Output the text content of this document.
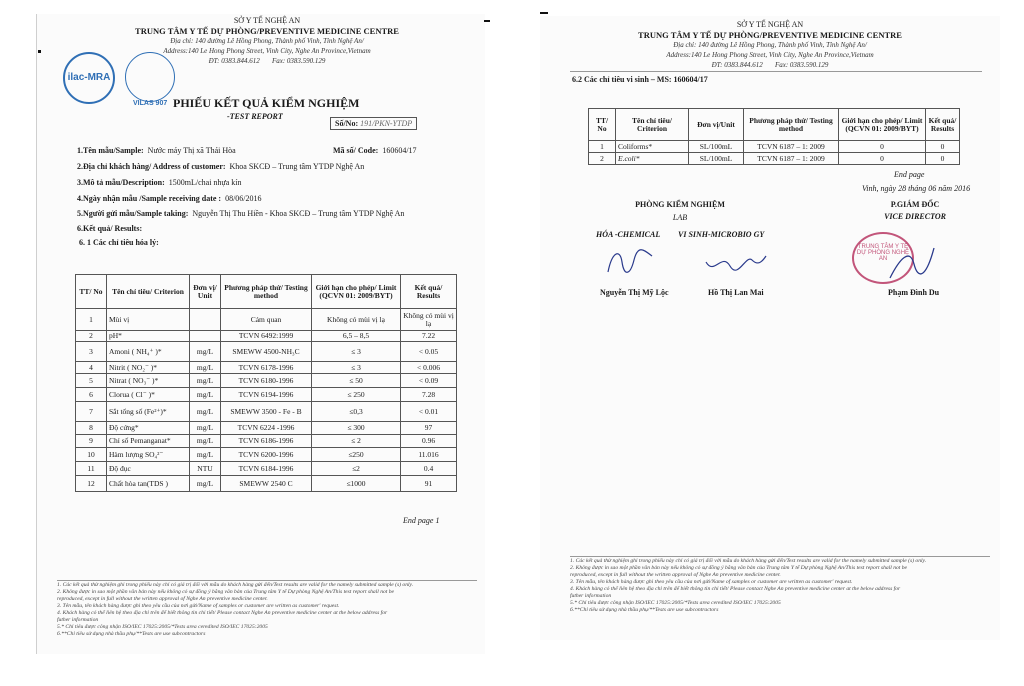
SỞ Y TẾ NGHỆ AN
TRUNG TÂM Y TẾ DỰ PHÒNG/PREVENTIVE MEDICINE CENTRE
Địa chỉ: 140 đường Lê Hồng Phong, Thành phố Vinh, Tỉnh Nghệ An/
Address:140 Le Hong Phong Street, Vinh City, Nghe An Province,Vietnam
ĐT: 0383.844.612 Fax: 0383.590.129
ilac-MRA
VILAS 907 PHIẾU KẾT QUẢ KIỂM NGHIỆM
-TEST REPORT
Số/No: 191/PKN-YTDP
1.Tên mẫu/Sample: Nước máy Thị xã Thái Hòa	Mã số/ Code: 160604/17
2.Địa chỉ khách hàng/ Address of customer: Khoa SKCĐ – Trung tâm YTDP Nghệ An
3.Mô tả mẫu/Description: 1500mL/chai nhựa kín
4.Ngày nhận mẫu /Sample receiving date : 08/06/2016
5.Người gửi mẫu/Sample taking: Nguyễn Thị Thu Hiền - Khoa SKCĐ – Trung tâm YTDP Nghệ An
6.Kết quả/ Results:
6. 1 Các chỉ tiêu hóa lý:
TT/ No	Tên chỉ tiêu/ Criterion	Đơn vị/ Unit	Phương pháp thử/ Testing method	Giới hạn cho phép/ Limit (QCVN 01: 2009/BYT)	Kết quả/ Results
1	Mùi vị		Cảm quan	Không có mùi vị lạ	Không có mùi vị lạ
2	pH*		TCVN 6492:1999	6,5 – 8,5	7.22
3	Amoni ( NH₄⁺ )*	mg/L	SMEWW 4500-NH₃C	≤ 3	< 0.05
4	Nitrit ( NO₂⁻ )*	mg/L	TCVN 6178-1996	≤ 3	< 0.006
5	Nitrat ( NO₃⁻ )*	mg/L	TCVN 6180-1996	≤ 50	< 0.09
6	Clorua ( Cl⁻ )*	mg/L	TCVN 6194-1996	≤ 250	7.28
7	Sắt tổng số (Fe²⁺)*	mg/L	SMEWW 3500 - Fe - B	≤0,3	< 0.01
8	Độ cứng*	mg/L	TCVN 6224 -1996	≤ 300	97
9	Chỉ số Pemanganat*	mg/L	TCVN 6186-1996	≤ 2	0.96
10	Hàm lượng SO₄²⁻	mg/L	TCVN 6200-1996	≤250	11.016
11	Độ đục	NTU	TCVN 6184-1996	≤2	0.4
12	Chất hòa tan(TDS )	mg/L	SMEWW 2540 C	≤1000	91
End page 1
1. Các kết quả thử nghiệm ghi trong phiếu này chỉ có giá trị đối với mẫu do khách hàng gửi đến/Test results are valid for the namely submitted sample (s) only.
2. Không được in sao một phần văn bản này nếu không có sự đồng ý bằng văn bản của Trung tâm Y tế Dự phòng Nghệ An/This test report shall not be
reproduced, except in full without the written approval of Nghe An preventive medicine center.
3. Tên mẫu, tên khách hàng được ghi theo yêu cầu của nơi gửi/Name of samples or customer are written as customer' request.
4. Khách hàng có thể liên hệ theo địa chỉ trên để biết thông tin chi tiết/ Please contact Nghe An preventive medicine center at the below address for
futher information
5.* Chỉ tiêu được công nhận ISO/IEC 17025:2005/*Tests area ceredited ISO/IEC 17025:2005
6.**Chỉ tiêu sử dụng nhà thầu phụ/**Tests are use subcontractors
SỞ Y TẾ NGHỆ AN
TRUNG TÂM Y TẾ DỰ PHÒNG/PREVENTIVE MEDICINE CENTRE
Địa chỉ: 140 đường Lê Hồng Phong, Thành phố Vinh, Tỉnh Nghệ An/
Address:140 Le Hong Phong Street, Vinh City, Nghe An Province,Vietnam
ĐT: 0383.844.612 Fax: 0383.590.129
6.2 Các chỉ tiêu vi sinh – MS: 160604/17
TT/ No	Tên chỉ tiêu/ Criterion	Đơn vị/Unit	Phương pháp thử/ Testing method	Giới hạn cho phép/ Limit (QCVN 01: 2009/BYT)	Kết quả/ Results
1	Coliforms*	SL/100mL	TCVN 6187 – 1: 2009	0	0
2	E.coli*	SL/100mL	TCVN 6187 – 1: 2009	0	0
End page
Vinh, ngày 28 tháng 06 năm 2016
PHÒNG KIỂM NGHIỆM
LAB
HÓA -CHEMICAL VI SINH-MICROBIO GY
P.GIÁM ĐỐC
VICE DIRECTOR
TRUNG TÂM Y TẾ DỰ PHÒNG NGHỆ AN
Nguyễn Thị Mỹ Lộc	Hồ Thị Lan Mai	Phạm Đình Du
1. Các kết quả thử nghiệm ghi trong phiếu này chỉ có giá trị đối với mẫu do khách hàng gửi đến/Test results are valid for the namely submitted sample (s) only.
2. Không được in sao một phần văn bản này nếu không có sự đồng ý bằng văn bản của Trung tâm Y tế Dự phòng Nghệ An/This test report shall not be
reproduced, except in full without the written approval of Nghe An preventive medicine center.
3. Tên mẫu, tên khách hàng được ghi theo yêu cầu của nơi gửi/Name of samples or customer are written as customer' request.
4. Khách hàng có thể liên hệ theo địa chỉ trên để biết thông tin chi tiết/ Please contact Nghe An preventive medicine center at the below address for
futher information
5.* Chỉ tiêu được công nhận ISO/IEC 17025:2005/*Tests area ceredited ISO/IEC 17025:2005
6.**Chỉ tiêu sử dụng nhà thầu phụ/**Tests are use subcontractors
